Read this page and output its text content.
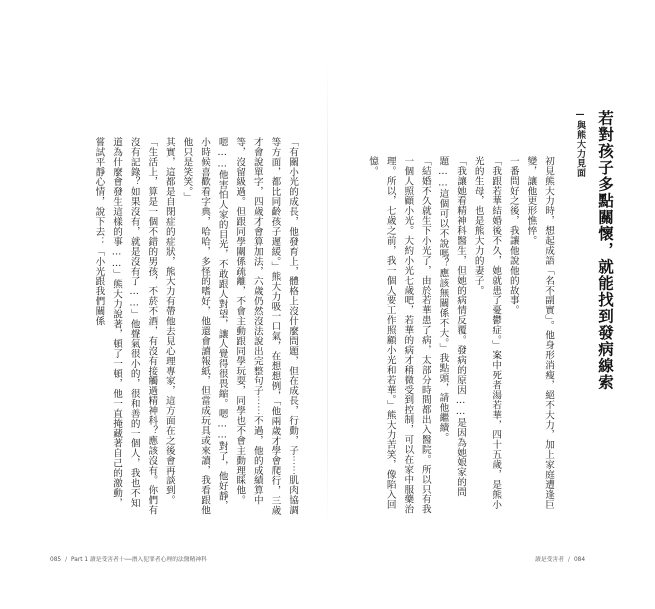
「有關小光的成長，他發育上，體格上沒什麼問題，但在成長，行動，子⋯⋯肌肉協調等方面，都比同齡孩子遲緩。」熊大力吸一口氣，在想想例，「他兩歲才學會爬行，三歲才會說單字，四歲才會算加法，六歲仍然沒法說出完整句子⋯⋯不過，他的成績算中等，沒留級過。但跟同學關係疏離，不會主動跟同學玩耍，同學也不會主動理睬他。嗯……他害怕人家的目光，不敢跟人對望，讓人覺得很畏縮。嗯……對了，他好靜，小時候喜歡看字典，哈哈，多怪的嗜好，他還會讀報紙，但當成玩具或來讀，我看跟他他只是笑笑。」
其實，這都是自閉症的症狀，熊大力有帶他去見心理專家，這方面在之後會再談到。
「生活上，算是一個不錯的男孩，不菸不酒，有沒有接觸過精神科？應該沒有。你們有沒有記錄？如果沒有，就是沒有了……」他聲氣很小的，很和善的一個人，我也不知道為什麼會發生這樣的事……」熊大力說著，頓了一頓，他一直掩藏著自己的激動，嘗試平靜心情，說下去：「小光跟我們關係
085 / Part 1 讀是受害者十──潛入犯罪者心理的法醫精神科	讀是受害者 / 084
若對孩子多點關懷，就能找到發病線索
—與熊大力見面
初見熊大力時，想起成語「名不副實」。他身形消瘦，絕不大力，加上家庭遭逢巨變，讓他更形憔悴。
一番問好之後，我讓他說他的故事。
「我跟若華結婚後不久，她就患了憂鬱症。」案中死者湯若華，四十五歲，是熊小光的生母，也是熊大力的妻子。
「我讓她看精神科醫生，但她的病情反覆。發病的原因……是因為她娘家的問題……這個可以不說嗎？應該無關係不大。」我點頭，請他繼續。
「結婚不久就生下小光了，由於若華患了病，太部分時間都出入醫院。所以只有我一個人照顧小光。大約小光七歲吧，若華的病才稍微受到控制，可以在家中服藥治理。所以，七歲之前，我一個人要工作照顧小光和若華。」熊大力苦笑，像陷入回憶。
